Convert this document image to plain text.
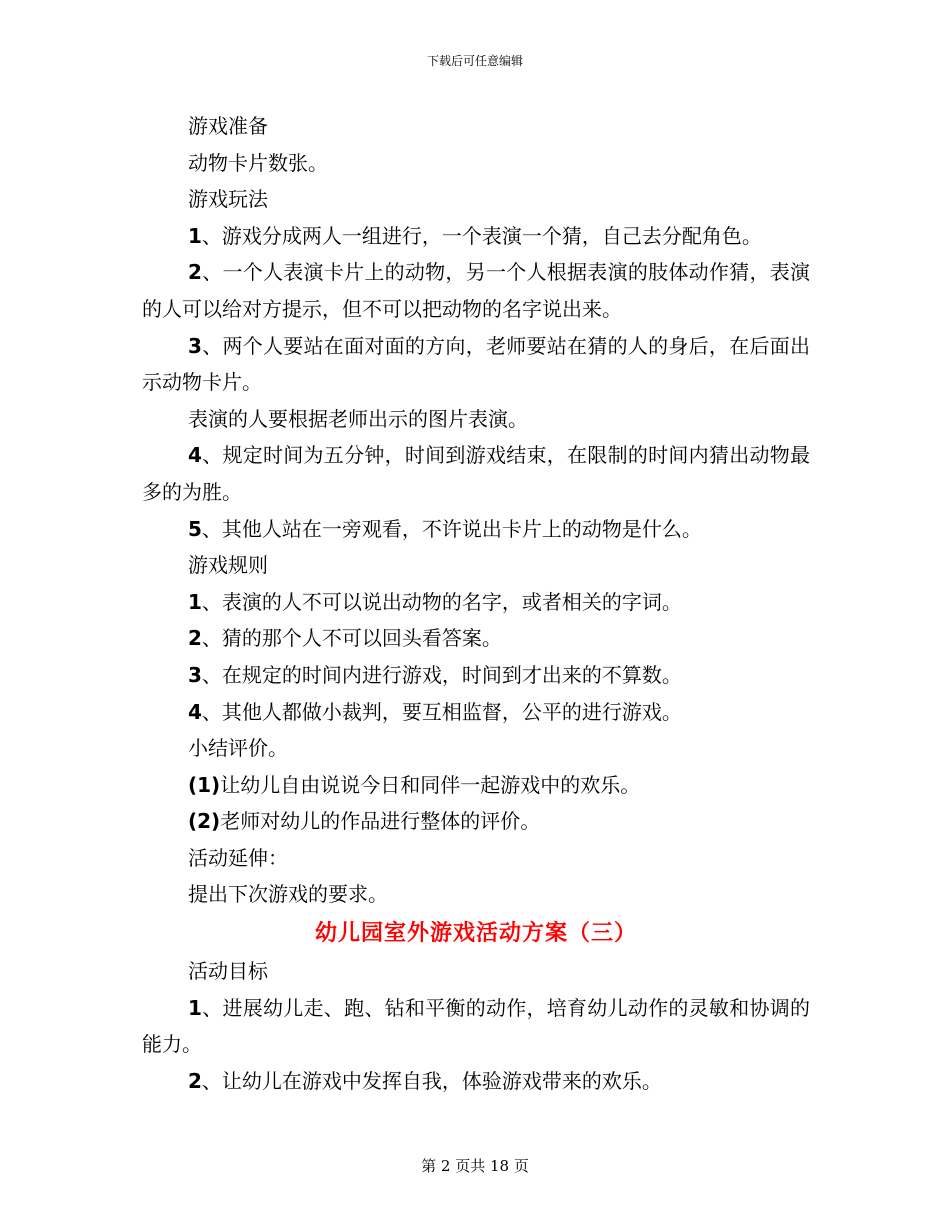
下载后可任意编辑

游戏准备

动物卡片数张。

游戏玩法

1、游戏分成两人一组进行，一个表演一个猜，自己去分配角色。

2、一个人表演卡片上的动物，另一个人根据表演的肢体动作猜，表演的人可以给对方提示，但不可以把动物的名字说出来。

3、两个人要站在面对面的方向，老师要站在猜的人的身后，在后面出示动物卡片。

表演的人要根据老师出示的图片表演。

4、规定时间为五分钟，时间到游戏结束，在限制的时间内猜出动物最多的为胜。

5、其他人站在一旁观看，不许说出卡片上的动物是什么。

游戏规则

1、表演的人不可以说出动物的名字，或者相关的字词。

2、猜的那个人不可以回头看答案。

3、在规定的时间内进行游戏，时间到才出来的不算数。

4、其他人都做小裁判，要互相监督，公平的进行游戏。

小结评价。

(1)让幼儿自由说说今日和同伴一起游戏中的欢乐。

(2)老师对幼儿的作品进行整体的评价。

活动延伸：

提出下次游戏的要求。

幼儿园室外游戏活动方案（三）

活动目标

1、进展幼儿走、跑、钻和平衡的动作，培育幼儿动作的灵敏和协调的能力。

2、让幼儿在游戏中发挥自我，体验游戏带来的欢乐。

第 2 页共 18 页
